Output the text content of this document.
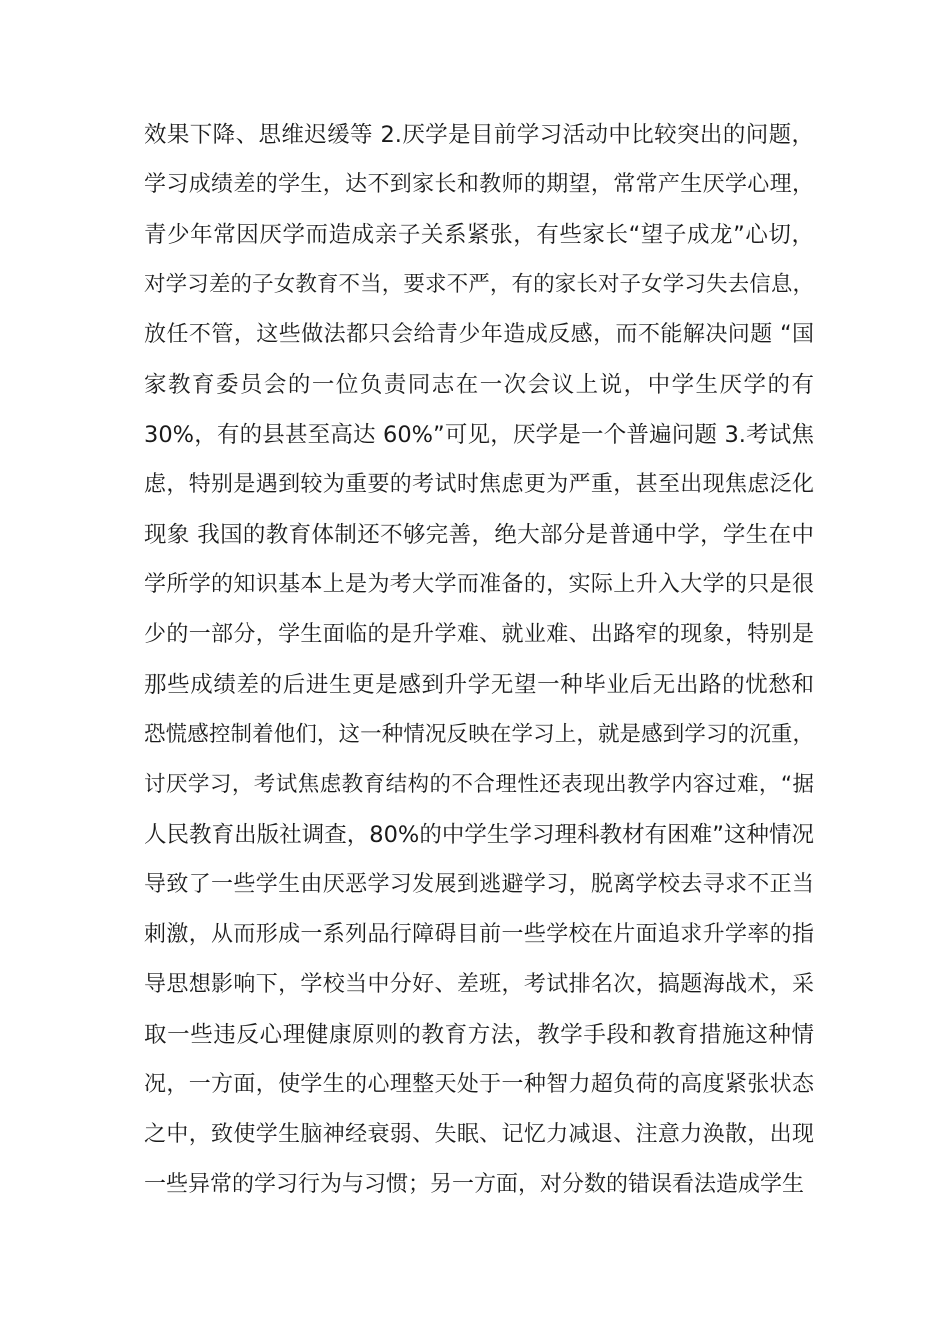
效果下降、思维迟缓等 2.厌学是目前学习活动中比较突出的问题，
学习成绩差的学生，达不到家长和教师的期望，常常产生厌学心理，
青少年常因厌学而造成亲子关系紧张，有些家长“望子成龙”心切，
对学习差的子女教育不当，要求不严，有的家长对子女学习失去信息，
放任不管，这些做法都只会给青少年造成反感，而不能解决问题 “国
家教育委员会的一位负责同志在一次会议上说，中学生厌学的有
30%，有的县甚至高达 60%”可见，厌学是一个普遍问题 3.考试焦
虑，特别是遇到较为重要的考试时焦虑更为严重，甚至出现焦虑泛化
现象 我国的教育体制还不够完善，绝大部分是普通中学，学生在中
学所学的知识基本上是为考大学而准备的，实际上升入大学的只是很
少的一部分，学生面临的是升学难、就业难、出路窄的现象，特别是
那些成绩差的后进生更是感到升学无望一种毕业后无出路的忧愁和
恐慌感控制着他们，这一种情况反映在学习上，就是感到学习的沉重，
讨厌学习，考试焦虑教育结构的不合理性还表现出教学内容过难，“据
人民教育出版社调查，80%的中学生学习理科教材有困难”这种情况
导致了一些学生由厌恶学习发展到逃避学习，脱离学校去寻求不正当
刺激，从而形成一系列品行障碍目前一些学校在片面追求升学率的指
导思想影响下，学校当中分好、差班，考试排名次，搞题海战术，采
取一些违反心理健康原则的教育方法，教学手段和教育措施这种情
况，一方面，使学生的心理整天处于一种智力超负荷的高度紧张状态
之中，致使学生脑神经衰弱、失眠、记忆力减退、注意力涣散，出现
一些异常的学习行为与习惯；另一方面，对分数的错误看法造成学生
